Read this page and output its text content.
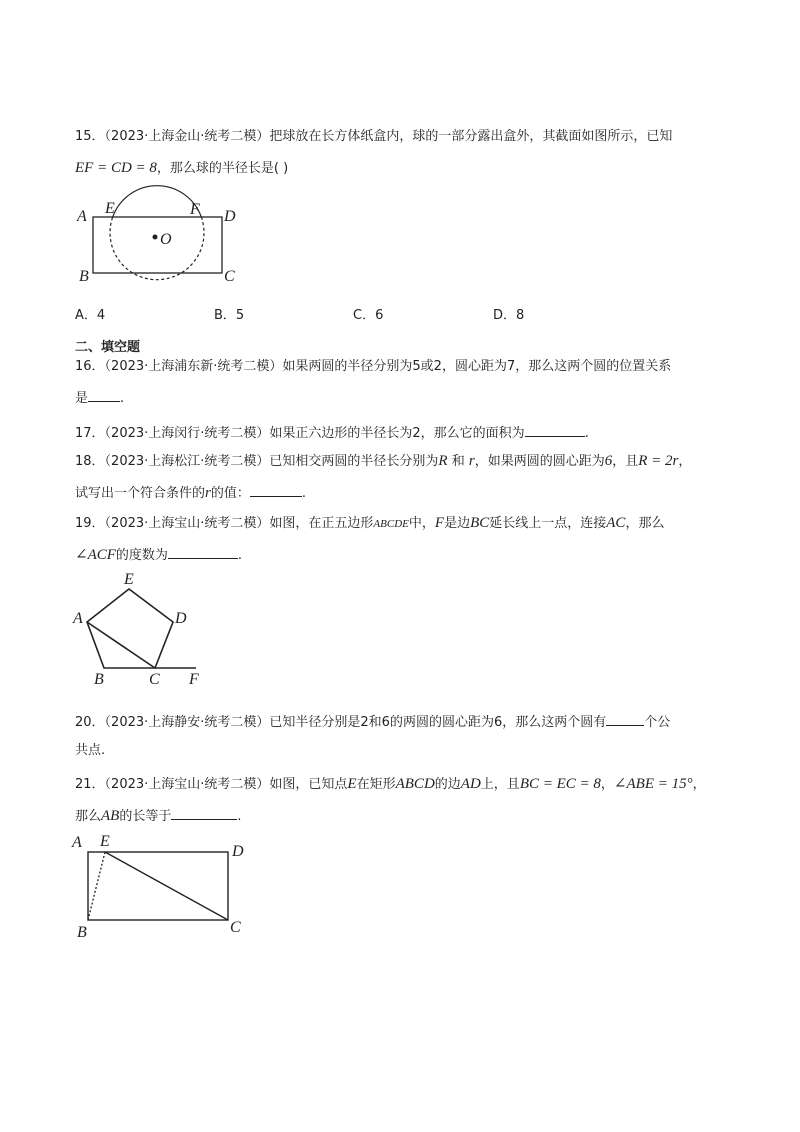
15．（2023·上海金山·统考二模）把球放在长方体纸盒内，球的一部分露出盒外，其截面如图所示，已知
EF = CD = 8，那么球的半径长是( )
A E	F D
O
B	C
A．4	B．5	C．6	D．8
二、填空题
16．（2023·上海浦东新·统考二模）如果两圆的半径分别为5或2，圆心距为7，那么这两个圆的位置关系
是 .
17．（2023·上海闵行·统考二模）如果正六边形的半径长为2，那么它的面积为	.
18．（2023·上海松江·统考二模）已知相交两圆的半径长分别为R 和 r，如果两圆的圆心距为6，且R = 2r，
试写出一个符合条件的r的值：	.
19．（2023·上海宝山·统考二模）如图，在正五边形ABCDE中，F是边BC延长线上一点，连接AC，那么
∠ACF的度数为	.
E
A	D
B	C F
20．（2023·上海静安·统考二模）已知半径分别是2和6的两圆的圆心距为6，那么这两个圆有	个公
共点.
21．（2023·上海宝山·统考二模）如图，已知点E在矩形ABCD的边AD上，且BC = EC = 8，∠ABE = 15°，
那么AB的长等于	.
A E
D
B	C
